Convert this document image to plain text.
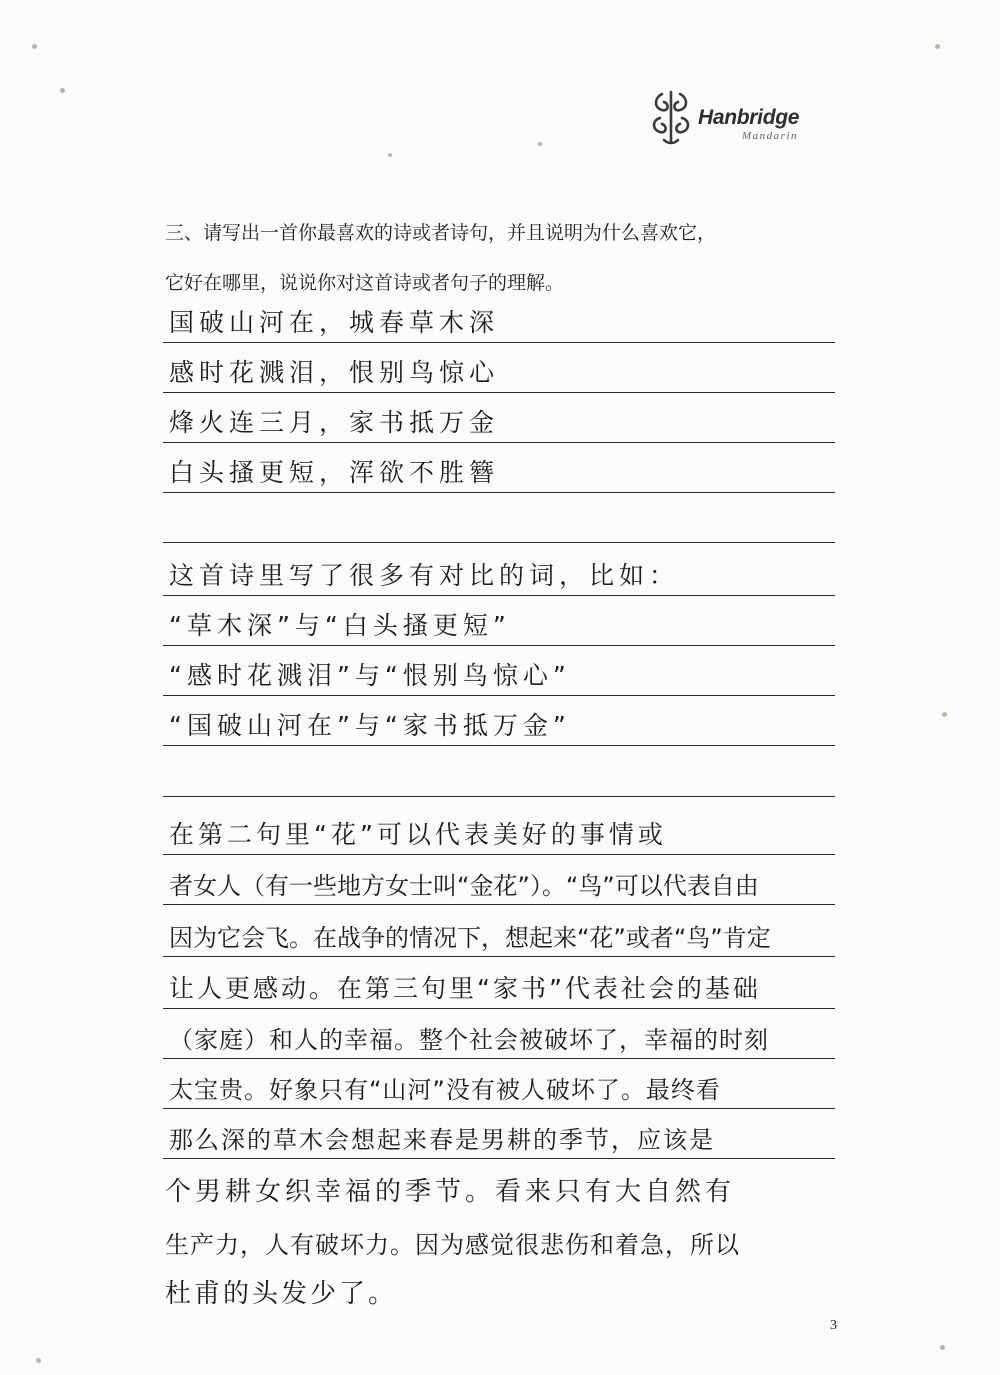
Hanbridge
Mandarin
三、请写出一首你最喜欢的诗或者诗句，并且说明为什么喜欢它，
它好在哪里，说说你对这首诗或者句子的理解。
国破山河在，城春草木深
感时花溅泪，恨别鸟惊心
烽火连三月，家书抵万金
白头搔更短，浑欲不胜簪
这首诗里写了很多有对比的词，比如：
“草木深”与“白头搔更短”
“感时花溅泪”与“恨别鸟惊心”
“国破山河在”与“家书抵万金”
在第二句里“花”可以代表美好的事情或
者女人（有一些地方女士叫“金花”）。“鸟”可以代表自由
因为它会飞。在战争的情况下，想起来“花”或者“鸟”肯定
让人更感动。在第三句里“家书”代表社会的基础
（家庭）和人的幸福。整个社会被破坏了，幸福的时刻
太宝贵。好象只有“山河”没有被人破坏了。最终看
那么深的草木会想起来春是男耕的季节，应该是
个男耕女织幸福的季节。看来只有大自然有
生产力，人有破坏力。因为感觉很悲伤和着急，所以
杜甫的头发少了。
3
